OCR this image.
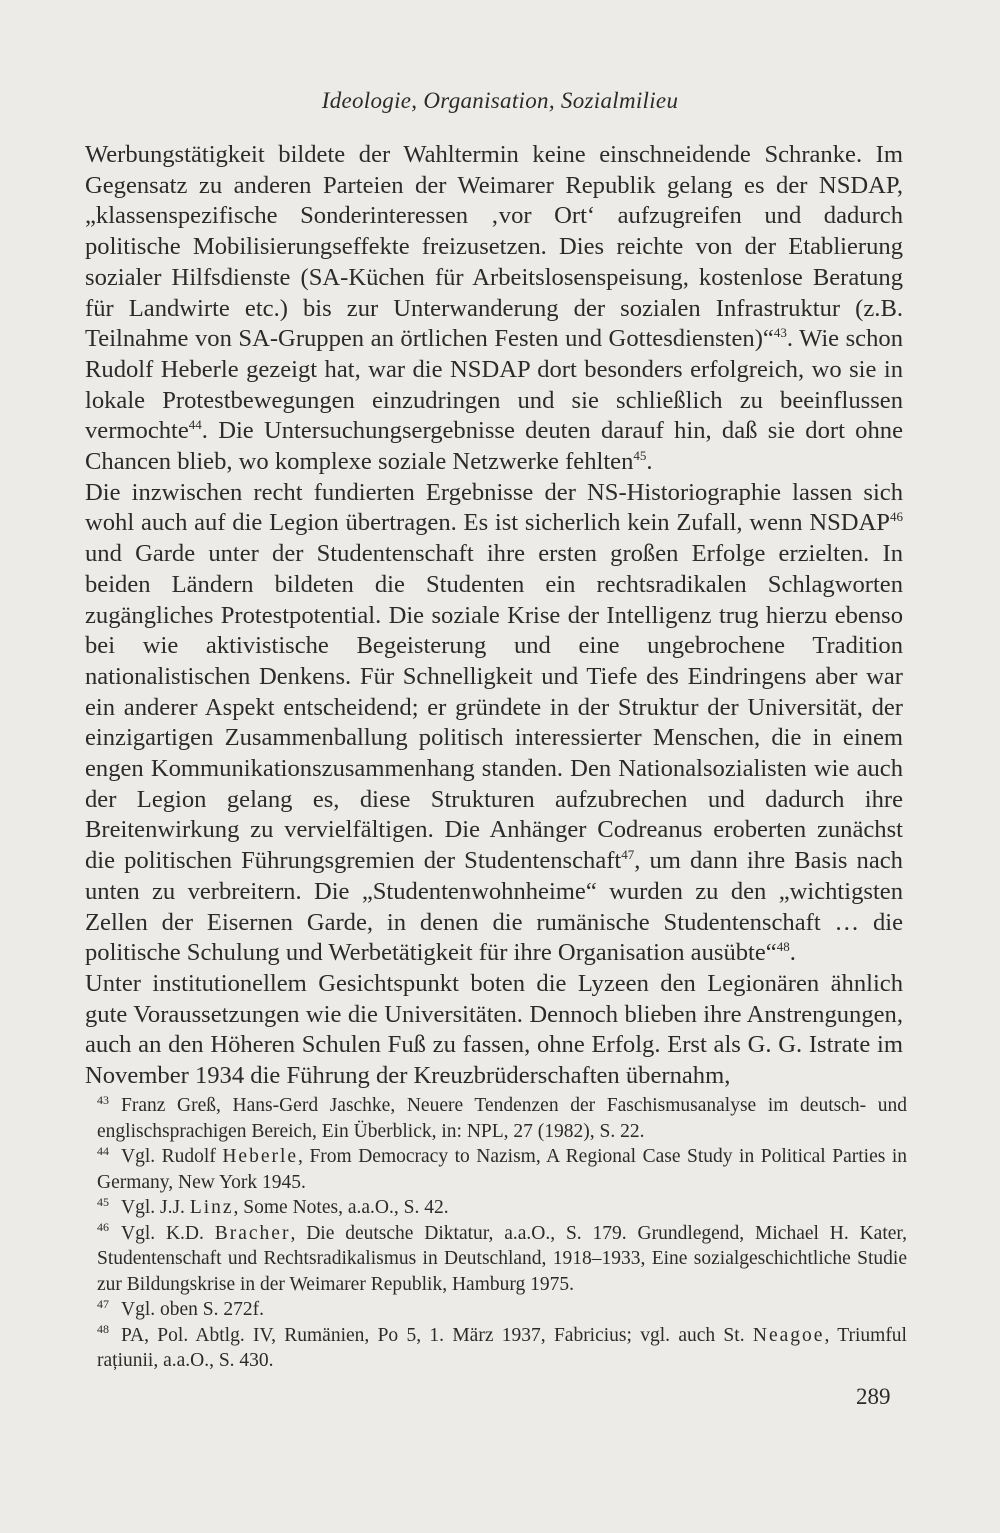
Ideologie, Organisation, Sozialmilieu

Werbungstätigkeit bildete der Wahltermin keine einschneidende Schranke. Im Gegensatz zu anderen Parteien der Weimarer Republik gelang es der NSDAP, „klassenspezifische Sonderinteressen ‚vor Ort‘ aufzugreifen und dadurch politische Mobilisierungseffekte freizusetzen. Dies reichte von der Etablierung sozialer Hilfsdienste (SA-Küchen für Arbeitslosenspeisung, kostenlose Beratung für Landwirte etc.) bis zur Unterwanderung der sozialen Infrastruktur (z.B. Teilnahme von SA-Gruppen an örtlichen Festen und Gottesdiensten)“$^{43}$. Wie schon Rudolf Heberle gezeigt hat, war die NSDAP dort besonders erfolgreich, wo sie in lokale Protestbewegungen einzudringen und sie schließlich zu beeinflussen vermochte$^{44}$. Die Untersuchungsergebnisse deuten darauf hin, daß sie dort ohne Chancen blieb, wo komplexe soziale Netzwerke fehlten$^{45}$.

Die inzwischen recht fundierten Ergebnisse der NS-Historiographie lassen sich wohl auch auf die Legion übertragen. Es ist sicherlich kein Zufall, wenn NSDAP$^{46}$ und Garde unter der Studentenschaft ihre ersten großen Erfolge erzielten. In beiden Ländern bildeten die Studenten ein rechtsradikalen Schlagworten zugängliches Protestpotential. Die soziale Krise der Intelligenz trug hierzu ebenso bei wie aktivistische Begeisterung und eine ungebrochene Tradition nationalistischen Denkens. Für Schnelligkeit und Tiefe des Eindringens aber war ein anderer Aspekt entscheidend; er gründete in der Struktur der Universität, der einzigartigen Zusammenballung politisch interessierter Menschen, die in einem engen Kommunikationszusammenhang standen. Den Nationalsozialisten wie auch der Legion gelang es, diese Strukturen aufzubrechen und dadurch ihre Breitenwirkung zu vervielfältigen. Die Anhänger Codreanus eroberten zunächst die politischen Führungsgremien der Studentenschaft$^{47}$, um dann ihre Basis nach unten zu verbreitern. Die „Studentenwohnheime“ wurden zu den „wichtigsten Zellen der Eisernen Garde, in denen die rumänische Studentenschaft … die politische Schulung und Werbetätigkeit für ihre Organisation ausübte“$^{48}$.

Unter institutionellem Gesichtspunkt boten die Lyzeen den Legionären ähnlich gute Voraussetzungen wie die Universitäten. Dennoch blieben ihre Anstrengungen, auch an den Höheren Schulen Fuß zu fassen, ohne Erfolg. Erst als G. G. Istrate im November 1934 die Führung der Kreuzbrüderschaften übernahm,

$^{43}$ Franz Greß, Hans-Gerd Jaschke, Neuere Tendenzen der Faschismusanalyse im deutsch- und englischsprachigen Bereich, Ein Überblick, in: NPL, 27 (1982), S. 22.

$^{44}$ Vgl. Rudolf Heberle, From Democracy to Nazism, A Regional Case Study in Political Parties in Germany, New York 1945.

$^{45}$ Vgl. J.J. Linz, Some Notes, a.a.O., S. 42.

$^{46}$ Vgl. K.D. Bracher, Die deutsche Diktatur, a.a.O., S. 179. Grundlegend, Michael H. Kater, Studentenschaft und Rechtsradikalismus in Deutschland, 1918–1933, Eine sozialgeschichtliche Studie zur Bildungskrise in der Weimarer Republik, Hamburg 1975.

$^{47}$ Vgl. oben S. 272f.

$^{48}$ PA, Pol. Abtlg. IV, Rumänien, Po 5, 1. März 1937, Fabricius; vgl. auch St. Neagoe, Triumful rațiunii, a.a.O., S. 430.

289
